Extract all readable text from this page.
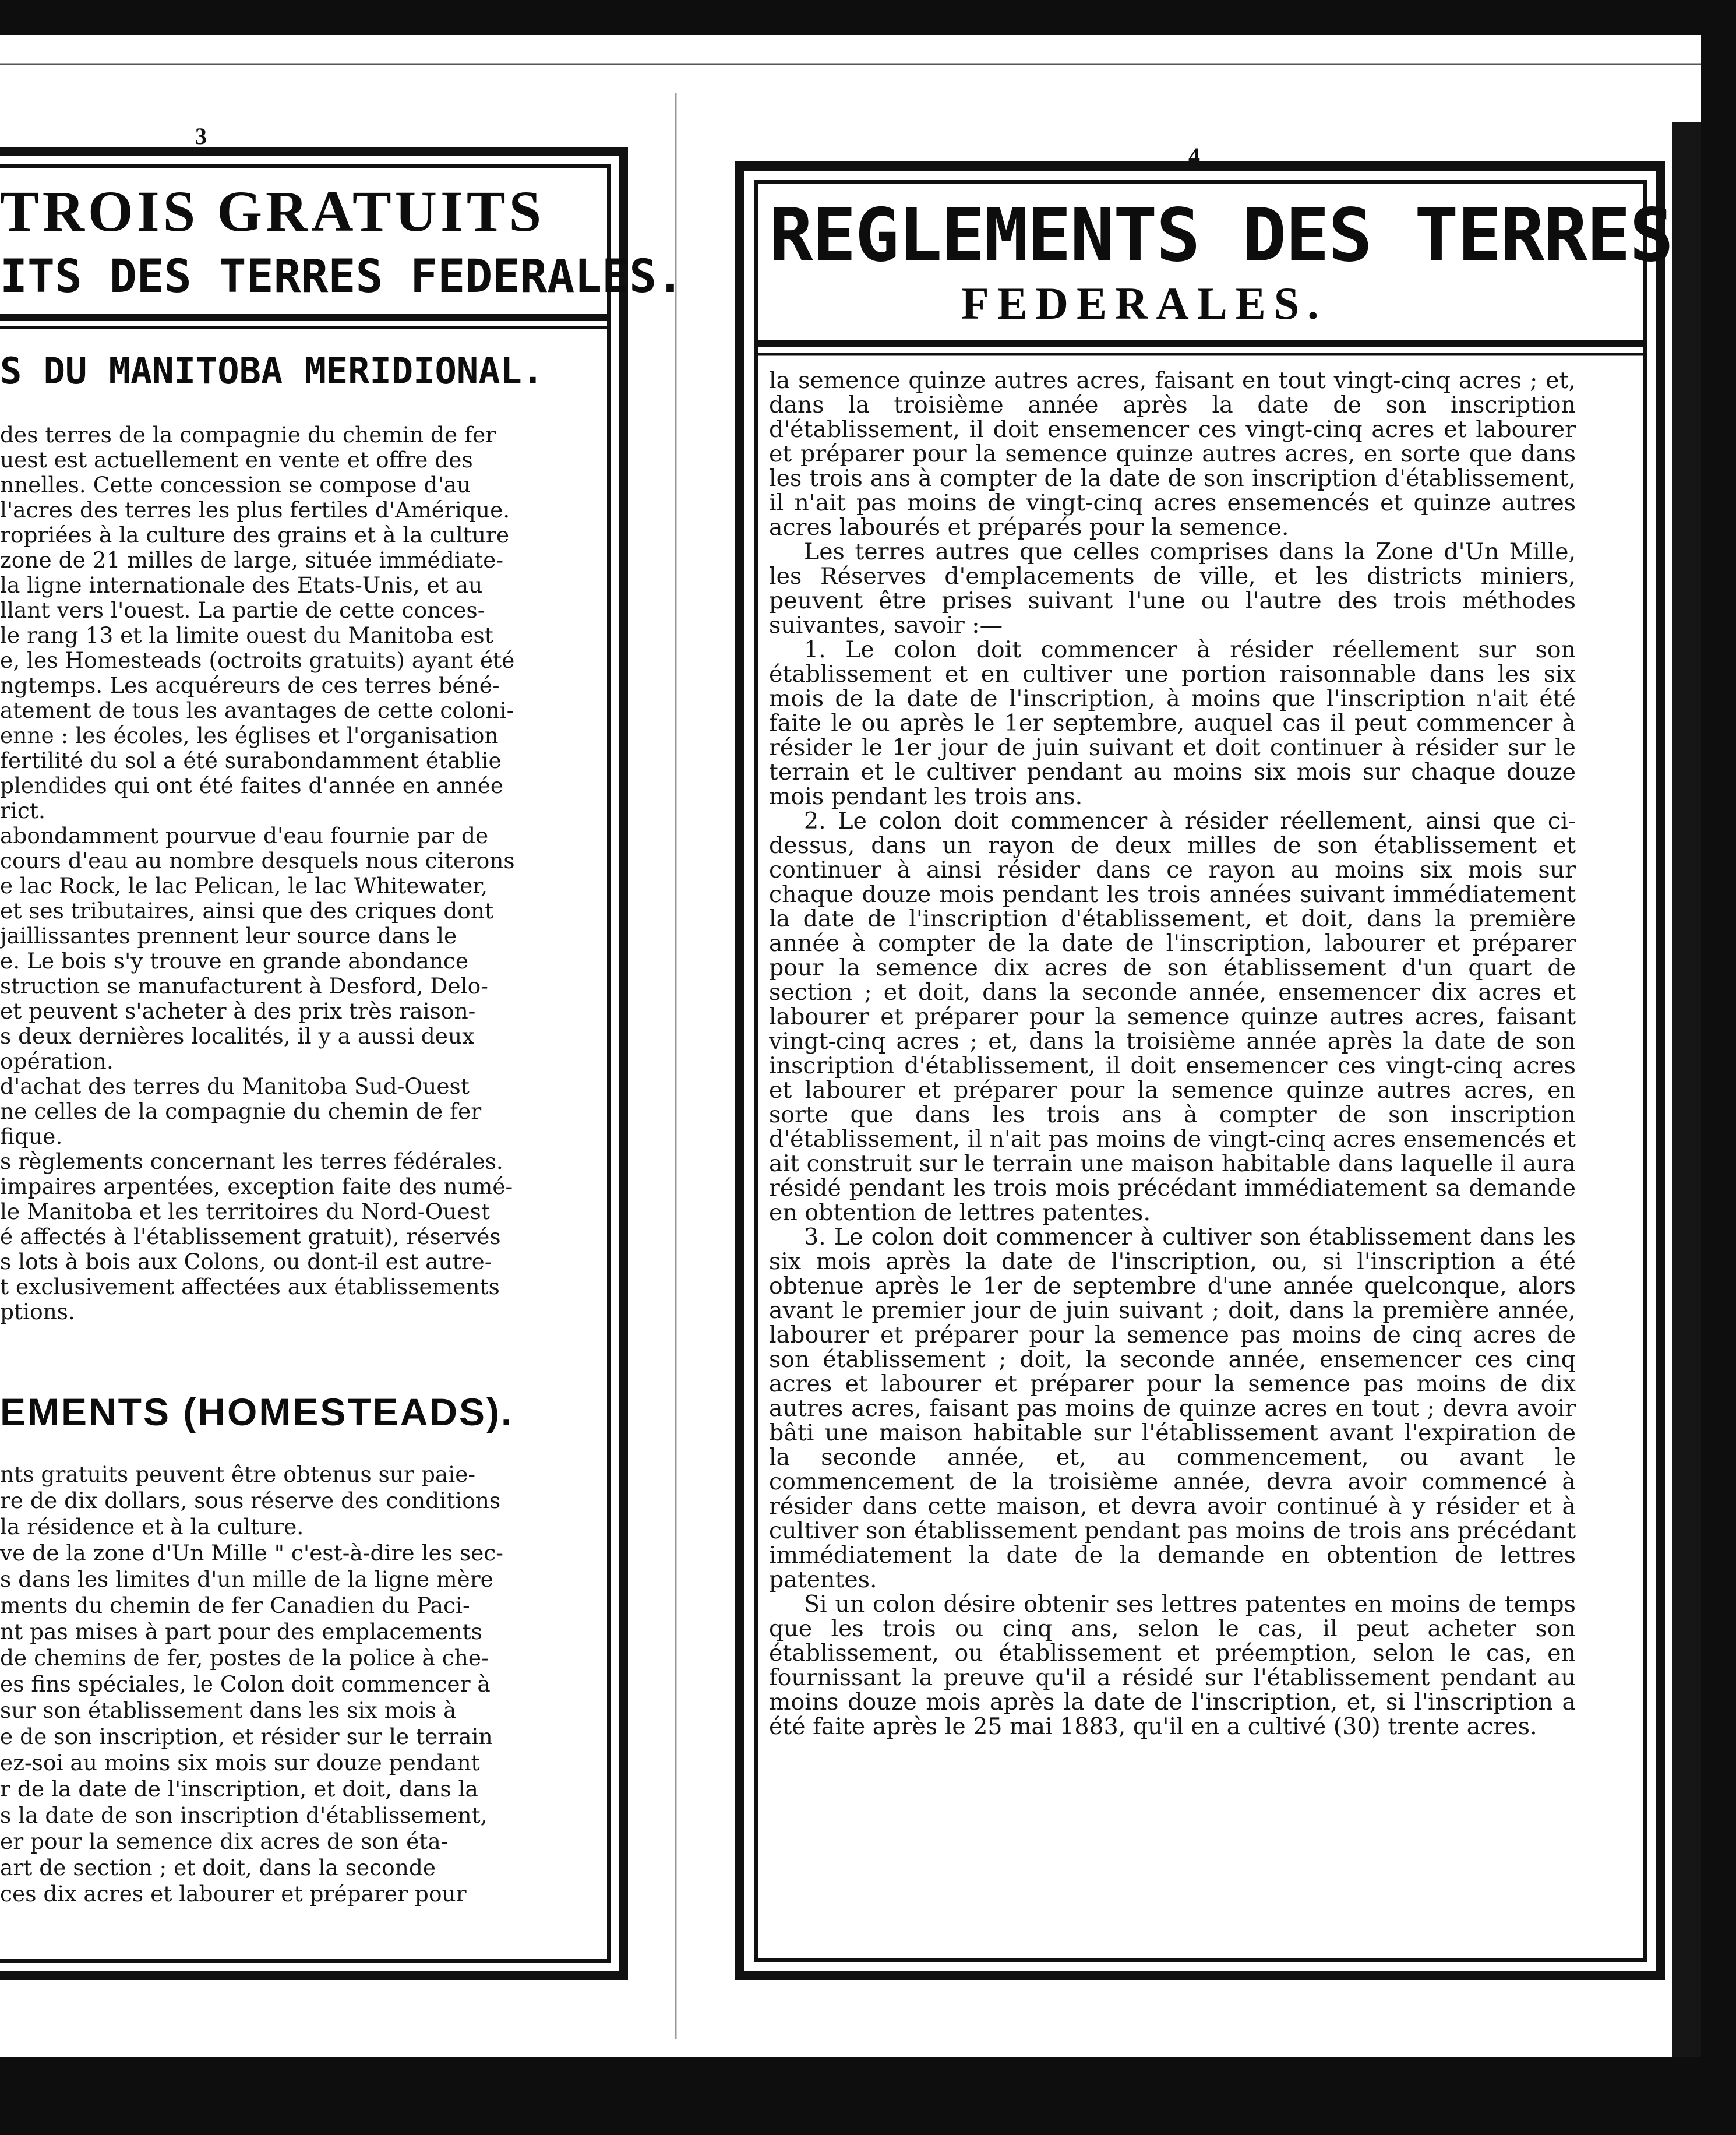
3
TROIS GRATUITS
ITS DES TERRES FEDERALES.
S DU MANITOBA MERIDIONAL.
des terres de la compagnie du chemin de fer
uest est actuellement en vente et offre des
nnelles. Cette concession se compose d'au
l'acres des terres les plus fertiles d'Amérique.
ropriées à la culture des grains et à la culture
zone de 21 milles de large, située immédiate-
la ligne internationale des Etats-Unis, et au
llant vers l'ouest. La partie de cette conces-
le rang 13 et la limite ouest du Manitoba est
e, les Homesteads (octroits gratuits) ayant été
ngtemps. Les acquéreurs de ces terres béné-
atement de tous les avantages de cette coloni-
enne : les écoles, les églises et l'organisation
fertilité du sol a été surabondamment établie
plendides qui ont été faites d'année en année
rict.
abondamment pourvue d'eau fournie par de
cours d'eau au nombre desquels nous citerons
e lac Rock, le lac Pelican, le lac Whitewater,
et ses tributaires, ainsi que des criques dont
jaillissantes prennent leur source dans le
e. Le bois s'y trouve en grande abondance
struction se manufacturent à Desford, Delo-
et peuvent s'acheter à des prix très raison-
s deux dernières localités, il y a aussi deux
opération.
d'achat des terres du Manitoba Sud-Ouest
ne celles de la compagnie du chemin de fer
fique.
s règlements concernant les terres fédérales.
impaires arpentées, exception faite des numé-
le Manitoba et les territoires du Nord-Ouest
é affectés à l'établissement gratuit), réservés
s lots à bois aux Colons, ou dont-il est autre-
t exclusivement affectées aux établissements
ptions.
EMENTS (HOMESTEADS).
nts gratuits peuvent être obtenus sur paie-
re de dix dollars, sous réserve des conditions
la résidence et à la culture.
ve de la zone d'Un Mille " c'est-à-dire les sec-
s dans les limites d'un mille de la ligne mère
ments du chemin de fer Canadien du Paci-
nt pas mises à part pour des emplacements
de chemins de fer, postes de la police à che-
es fins spéciales, le Colon doit commencer à
sur son établissement dans les six mois à
e de son inscription, et résider sur le terrain
ez-soi au moins six mois sur douze pendant
r de la date de l'inscription, et doit, dans la
s la date de son inscription d'établissement,
er pour la semence dix acres de son éta-
art de section ; et doit, dans la seconde
ces dix acres et labourer et préparer pour
4
REGLEMENTS DES TERRES
FEDERALES.

la semence quinze autres acres, faisant en tout vingt-cinq acres ; et, dans la troisième année après la date de son inscription d'établissement, il doit ensemencer ces vingt-cinq acres et labourer et préparer pour la semence quinze autres acres, en sorte que dans les trois ans à compter de la date de son inscription d'établissement, il n'ait pas moins de vingt-cinq acres ensemencés et quinze autres acres labourés et préparés pour la semence.

Les terres autres que celles comprises dans la Zone d'Un Mille, les Réserves d'emplacements de ville, et les districts miniers, peuvent être prises suivant l'une ou l'autre des trois méthodes suivantes, savoir :—

1. Le colon doit commencer à résider réellement sur son établissement et en cultiver une portion raisonnable dans les six mois de la date de l'inscription, à moins que l'inscription n'ait été faite le ou après le 1er septembre, auquel cas il peut commencer à résider le 1er jour de juin suivant et doit continuer à résider sur le terrain et le cultiver pendant au moins six mois sur chaque douze mois pendant les trois ans.

2. Le colon doit commencer à résider réellement, ainsi que ci-dessus, dans un rayon de deux milles de son établissement et continuer à ainsi résider dans ce rayon au moins six mois sur chaque douze mois pendant les trois années suivant immédiatement la date de l'inscription d'établissement, et doit, dans la première année à compter de la date de l'inscription, labourer et préparer pour la semence dix acres de son établissement d'un quart de section ; et doit, dans la seconde année, ensemencer dix acres et labourer et préparer pour la semence quinze autres acres, faisant vingt-cinq acres ; et, dans la troisième année après la date de son inscription d'établissement, il doit ensemencer ces vingt-cinq acres et labourer et préparer pour la semence quinze autres acres, en sorte que dans les trois ans à compter de son inscription d'établissement, il n'ait pas moins de vingt-cinq acres ensemencés et ait construit sur le terrain une maison habitable dans laquelle il aura résidé pendant les trois mois précédant immédiatement sa demande en obtention de lettres patentes.

3. Le colon doit commencer à cultiver son établissement dans les six mois après la date de l'inscription, ou, si l'inscription a été obtenue après le 1er de septembre d'une année quelconque, alors avant le premier jour de juin suivant ; doit, dans la première année, labourer et préparer pour la semence pas moins de cinq acres de son établissement ; doit, la seconde année, ensemencer ces cinq acres et labourer et préparer pour la semence pas moins de dix autres acres, faisant pas moins de quinze acres en tout ; devra avoir bâti une maison habitable sur l'établissement avant l'expiration de la seconde année, et, au commencement, ou avant le commencement de la troisième année, devra avoir commencé à résider dans cette maison, et devra avoir continué à y résider et à cultiver son établissement pendant pas moins de trois ans précédant immédiatement la date de la demande en obtention de lettres patentes.

Si un colon désire obtenir ses lettres patentes en moins de temps que les trois ou cinq ans, selon le cas, il peut acheter son établissement, ou établissement et préemption, selon le cas, en fournissant la preuve qu'il a résidé sur l'établissement pendant au moins douze mois après la date de l'inscription, et, si l'inscription a été faite après le 25 mai 1883, qu'il en a cultivé (30) trente acres.
